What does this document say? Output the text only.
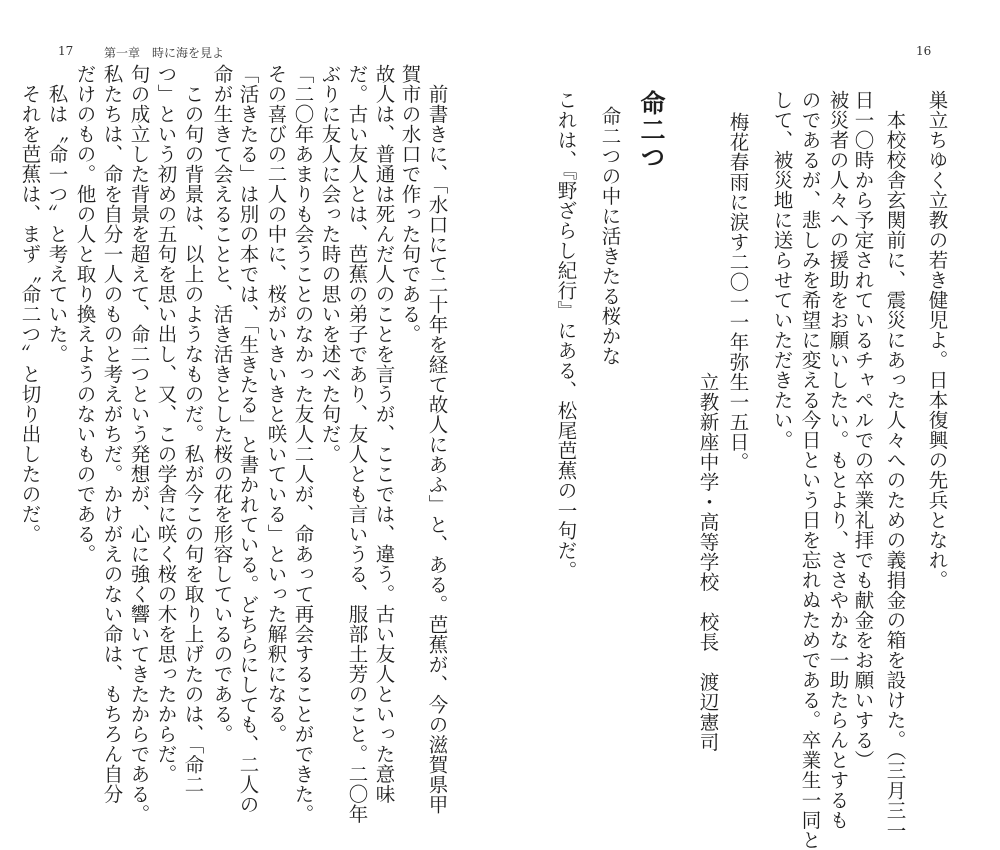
17	第一章　時に海を見よ
　前書きに、「水口にて二十年を経て故人にあふ」と、ある。芭蕉が、今の滋賀県甲
賀市の水口で作った句である。
故人は、普通は死んだ人のことを言うが、ここでは、違う。古い友人といった意味
だ。古い友人とは、芭蕉の弟子であり、友人とも言いうる、服部土芳のこと。二〇年
ぶりに友人に会った時の思いを述べた句だ。
「二〇年あまりも会うことのなかった友人二人が、命あって再会することができた。
その喜びの二人の中に、桜がいきいきと咲いている」といった解釈になる。
「活きたる」は別の本では、「生きたる」と書かれている。どちらにしても、二人の
命が生きて会えることと、活き活きとした桜の花を形容しているのである。
　この句の背景は、以上のようなものだ。私が今この句を取り上げたのは、「命二
つ」という初めの五句を思い出し、又、この学舎に咲く桜の木を思ったからだ。
句の成立した背景を超えて、命二つという発想が、心に強く響いてきたからである。
私たちは、命を自分一人のものと考えがちだ。かけがえのない命は、もちろん自分
だけのもの。他の人と取り換えようのないものである。
　私は〝命一つ〟と考えていた。
　それを芭蕉は、まず〝命二つ〟と切り出したのだ。
16
巣立ちゆく立教の若き健児よ。日本復興の先兵となれ。
　本校校舎玄関前に、震災にあった人々へのための義捐金の箱を設けた。（三月三一
日一〇時から予定されているチャペルでの卒業礼拝でも献金をお願いする）
被災者の人々への援助をお願いしたい。もとより、ささやかな一助たらんとするも
のであるが、悲しみを希望に変える今日という日を忘れぬためである。卒業生一同と
して、被災地に送らせていただきたい。
梅花春雨に涙す二〇一一年弥生一五日。
立教新座中学・高等学校　校長　渡辺憲司
命二つ
命二つの中に活きたる桜かな
これは、『野ざらし紀行』にある、松尾芭蕉の一句だ。
